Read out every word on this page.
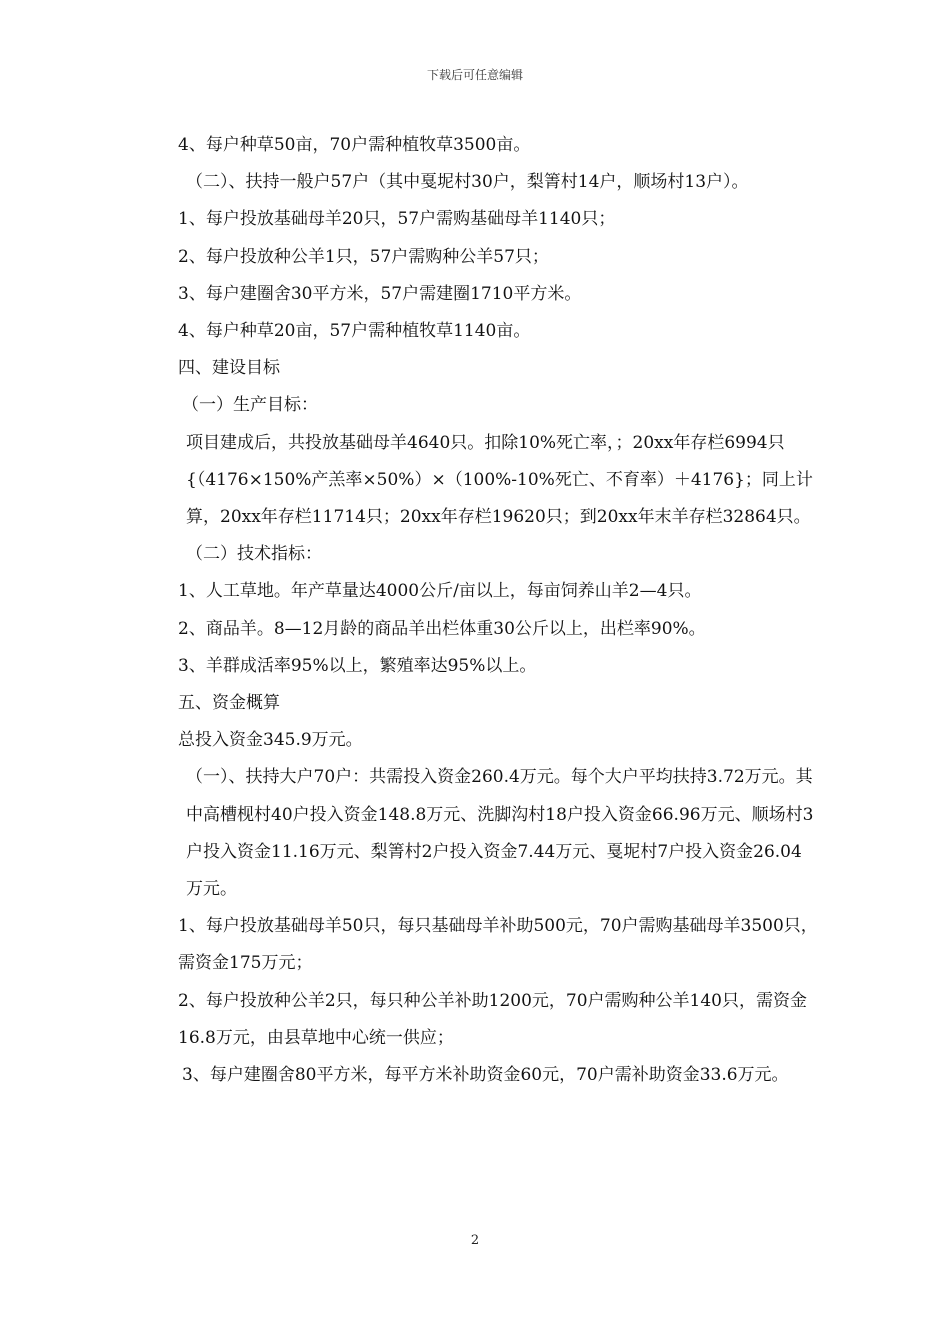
下载后可任意编辑

4、每户种草50亩，70户需种植牧草3500亩。

（二）、扶持一般户57户（其中戛坭村30户，梨箐村14户，顺场村13户）。

1、每户投放基础母羊20只，57户需购基础母羊1140只；

2、每户投放种公羊1只，57户需购种公羊57只；

3、每户建圈舍30平方米，57户需建圈1710平方米。

4、每户种草20亩，57户需种植牧草1140亩。

四、建设目标

（一）生产目标：

项目建成后，共投放基础母羊4640只。扣除10%死亡率，；20xx年存栏6994只{（4176×150%产羔率×50%）×（100%-10%死亡、不育率）＋4176}；同上计算，20xx年存栏11714只；20xx年存栏19620只；到20xx年末羊存栏32864只。

（二）技术指标：

1、人工草地。年产草量达4000公斤/亩以上，每亩饲养山羊2—4只。

2、商品羊。8—12月龄的商品羊出栏体重30公斤以上，出栏率90%。

3、羊群成活率95%以上，繁殖率达95%以上。

五、资金概算

总投入资金345.9万元。

（一）、扶持大户70户：共需投入资金260.4万元。每个大户平均扶持3.72万元。其中高槽枧村40户投入资金148.8万元、洗脚沟村18户投入资金66.96万元、顺场村3户投入资金11.16万元、梨箐村2户投入资金7.44万元、戛坭村7户投入资金26.04万元。

1、每户投放基础母羊50只，每只基础母羊补助500元，70户需购基础母羊3500只，需资金175万元；

2、每户投放种公羊2只，每只种公羊补助1200元，70户需购种公羊140只，需资金16.8万元，由县草地中心统一供应；

3、每户建圈舍80平方米，每平方米补助资金60元，70户需补助资金33.6万元。

2
